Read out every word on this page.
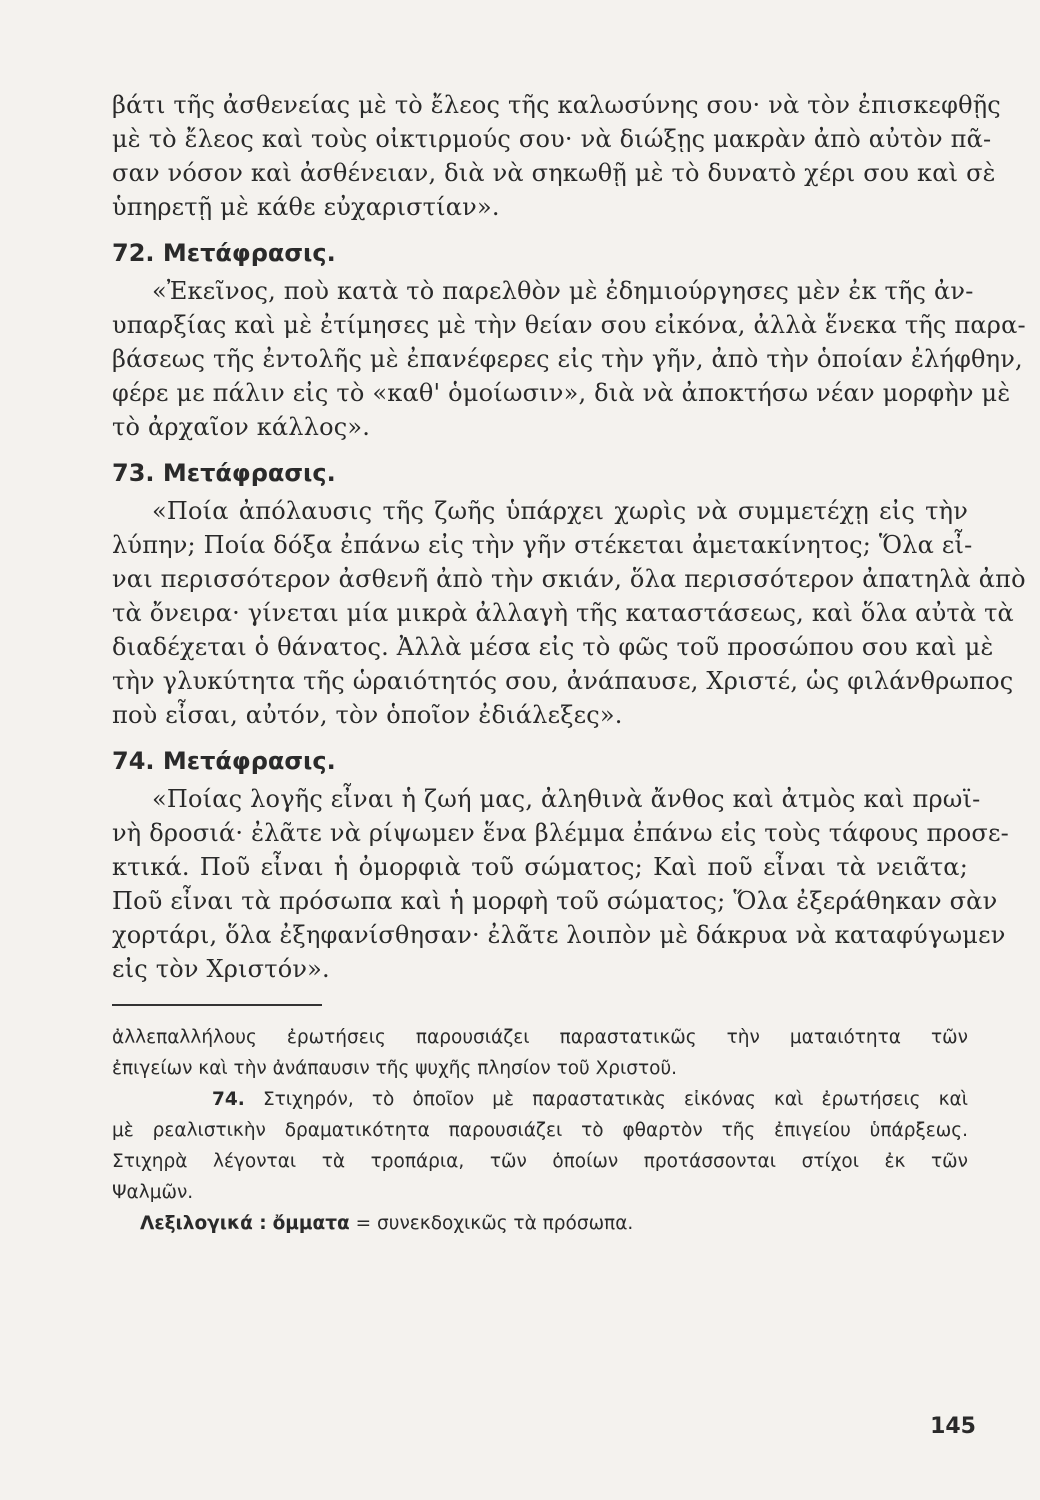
βάτι τῆς ἀσθενείας μὲ τὸ ἔλεος τῆς καλωσύνης σου· νὰ τὸν ἐπισκεφθῇς
μὲ τὸ ἔλεος καὶ τοὺς οἰκτιρμούς σου· νὰ διώξῃς μακρὰν ἀπὸ αὐτὸν πᾶ-
σαν νόσον καὶ ἀσθένειαν, διὰ νὰ σηκωθῇ μὲ τὸ δυνατὸ χέρι σου καὶ σὲ
ὑπηρετῇ μὲ κάθε εὐχαριστίαν».
72. Μετάφρασις.
«Ἐκεῖνος, ποὺ κατὰ τὸ παρελθὸν μὲ ἐδημιούργησες μὲν ἐκ τῆς ἀν-
υπαρξίας καὶ μὲ ἐτίμησες μὲ τὴν θείαν σου εἰκόνα, ἀλλὰ ἕνεκα τῆς παρα-
βάσεως τῆς ἐντολῆς μὲ ἐπανέφερες εἰς τὴν γῆν, ἀπὸ τὴν ὁποίαν ἐλήφθην,
φέρε με πάλιν εἰς τὸ «καθ' ὁμοίωσιν», διὰ νὰ ἀποκτήσω νέαν μορφὴν μὲ
τὸ ἀρχαῖον κάλλος».
73. Μετάφρασις.
«Ποία ἀπόλαυσις τῆς ζωῆς ὑπάρχει χωρὶς νὰ συμμετέχῃ εἰς τὴν
λύπην; Ποία δόξα ἐπάνω εἰς τὴν γῆν στέκεται ἀμετακίνητος; Ὅλα εἶ-
ναι περισσότερον ἀσθενῆ ἀπὸ τὴν σκιάν, ὅλα περισσότερον ἀπατηλὰ ἀπὸ
τὰ ὄνειρα· γίνεται μία μικρὰ ἀλλαγὴ τῆς καταστάσεως, καὶ ὅλα αὐτὰ τὰ
διαδέχεται ὁ θάνατος. Ἀλλὰ μέσα εἰς τὸ φῶς τοῦ προσώπου σου καὶ μὲ
τὴν γλυκύτητα τῆς ὡραιότητός σου, ἀνάπαυσε, Χριστέ, ὡς φιλάνθρωπος
ποὺ εἶσαι, αὐτόν, τὸν ὁποῖον ἐδιάλεξες».
74. Μετάφρασις.
«Ποίας λογῆς εἶναι ἡ ζωή μας, ἀληθινὰ ἄνθος καὶ ἀτμὸς καὶ πρωϊ-
νὴ δροσιά· ἐλᾶτε νὰ ρίψωμεν ἕνα βλέμμα ἐπάνω εἰς τοὺς τάφους προσε-
κτικά. Ποῦ εἶναι ἡ ὀμορφιὰ τοῦ σώματος; Καὶ ποῦ εἶναι τὰ νειᾶτα;
Ποῦ εἶναι τὰ πρόσωπα καὶ ἡ μορφὴ τοῦ σώματος; Ὅλα ἐξεράθηκαν σὰν
χορτάρι, ὅλα ἐξηφανίσθησαν· ἐλᾶτε λοιπὸν μὲ δάκρυα νὰ καταφύγωμεν
εἰς τὸν Χριστόν».
ἀλλεπαλλήλους ἐρωτήσεις παρουσιάζει παραστατικῶς τὴν ματαιότητα τῶν
ἐπιγείων καὶ τὴν ἀνάπαυσιν τῆς ψυχῆς πλησίον τοῦ Χριστοῦ.
74. Στιχηρόν, τὸ ὁποῖον μὲ παραστατικὰς εἰκόνας καὶ ἐρωτήσεις καὶ
μὲ ρεαλιστικὴν δραματικότητα παρουσιάζει τὸ φθαρτὸν τῆς ἐπιγείου ὑπάρξεως.
Στιχηρὰ λέγονται τὰ τροπάρια, τῶν ὁποίων προτάσσονται στίχοι ἐκ τῶν
Ψαλμῶν.
Λεξιλογικά : ὄμματα = συνεκδοχικῶς τὰ πρόσωπα.
145
